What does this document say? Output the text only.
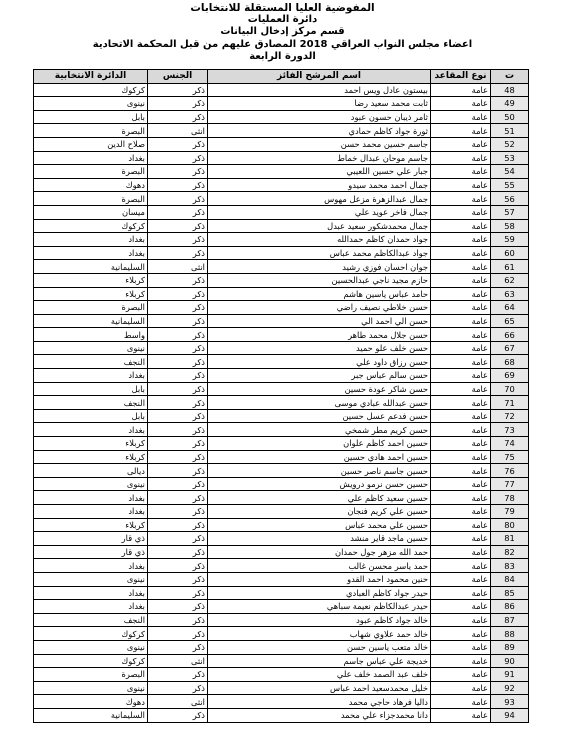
المفوضية العليا المستقلة للانتخابات
دائرة العمليات
قسم مركز إدخال البيانات
اعضاء مجلس النواب العراقي 2018 المصادق عليهم من قبل المحكمة الاتحادية
الدورة الرابعة
ت	نوع المقاعد	اسم المرشح الفائز	الجنس	الدائرة الانتخابية
48	عامة	بيستون عادل ويس احمد	ذكر	كركوك
49	عامة	ثابت محمد سعيد رضا	ذكر	نينوى
50	عامة	ثامر ذيبان حسون عبود	ذكر	بابل
51	عامة	ثورة جواد كاظم حمادي	انثى	البصرة
52	عامة	جاسم حسين محمد حسن	ذكر	صلاح الدين
53	عامة	جاسم موحان عبدال خماط	ذكر	بغداد
54	عامة	جبار علي حسين اللعيبي	ذكر	البصرة
55	عامة	جمال احمد محمد سيدو	ذكر	دهوك
56	عامة	جمال عبدالزهرة مزعل مهوس	ذكر	البصرة
57	عامة	جمال فاخر عويد علي	ذكر	ميسان
58	عامة	جمال محمدشكور سعيد عبدل	ذكر	كركوك
59	عامة	جواد حمدان كاظم حمدالله	ذكر	بغداد
60	عامة	جواد عبدالكاظم محمد عباس	ذكر	بغداد
61	عامة	جوان احسان فوزي رشيد	انثى	السليمانية
62	عامة	حازم مجيد ناجي عبدالحسين	ذكر	كربلاء
63	عامة	حامد عباس ياسين هاشم	ذكر	كربلاء
64	عامة	حسن خلاطي نصيف راضي	ذكر	البصرة
65	عامة	حسن الي احمد الي	ذكر	السليمانية
66	عامة	حسن جلال محمد طاهر	ذكر	واسط
67	عامة	حسن خلف علو حميد	ذكر	نينوى
68	عامة	حسن رزاق داود علي	ذكر	النجف
69	عامة	حسن سالم عباس جبر	ذكر	بغداد
70	عامة	حسن شاكر عودة حسين	ذكر	بابل
71	عامة	حسن عبدالله عبادي موسى	ذكر	النجف
72	عامة	حسن فدعم عسل حسين	ذكر	بابل
73	عامة	حسن كريم مطر شمخي	ذكر	بغداد
74	عامة	حسين احمد كاظم علوان	ذكر	كربلاء
75	عامة	حسين احمد هادي حسين	ذكر	كربلاء
76	عامة	حسين جاسم ناصر حسين	ذكر	ديالى
77	عامة	حسين حسن نرمو درويش	ذكر	نينوى
78	عامة	حسين سعيد كاظم علي	ذكر	بغداد
79	عامة	حسين علي كريم فنجان	ذكر	بغداد
80	عامة	حسين علي محمد عباس	ذكر	كربلاء
81	عامة	حسين ماجد قاير منشد	ذكر	ذي قار
82	عامة	حمد الله مزهر جول حمدان	ذكر	ذي قار
83	عامة	حمد ياسر محسن غالب	ذكر	بغداد
84	عامة	حنين محمود احمد القدو	ذكر	نينوى
85	عامة	حيدر جواد كاظم العبادي	ذكر	بغداد
86	عامة	حيدر عبدالكاظم نعيمة سباهي	ذكر	بغداد
87	عامة	خالد جواد كاظم عبود	ذكر	النجف
88	عامة	خالد حمد علاوي شهاب	ذكر	كركوك
89	عامة	خالد متعب ياسين حسن	ذكر	نينوى
90	عامة	خديجة علي عباس جاسم	انثى	كركوك
91	عامة	خلف عبد الصمد خلف علي	ذكر	البصرة
92	عامة	خليل محمدسعيد احمد عباس	ذكر	نينوى
93	عامة	داليا فرهاد حاجي محمد	انثى	دهوك
94	عامة	دانا محمدجزاء علي محمد	ذكر	السليمانية
